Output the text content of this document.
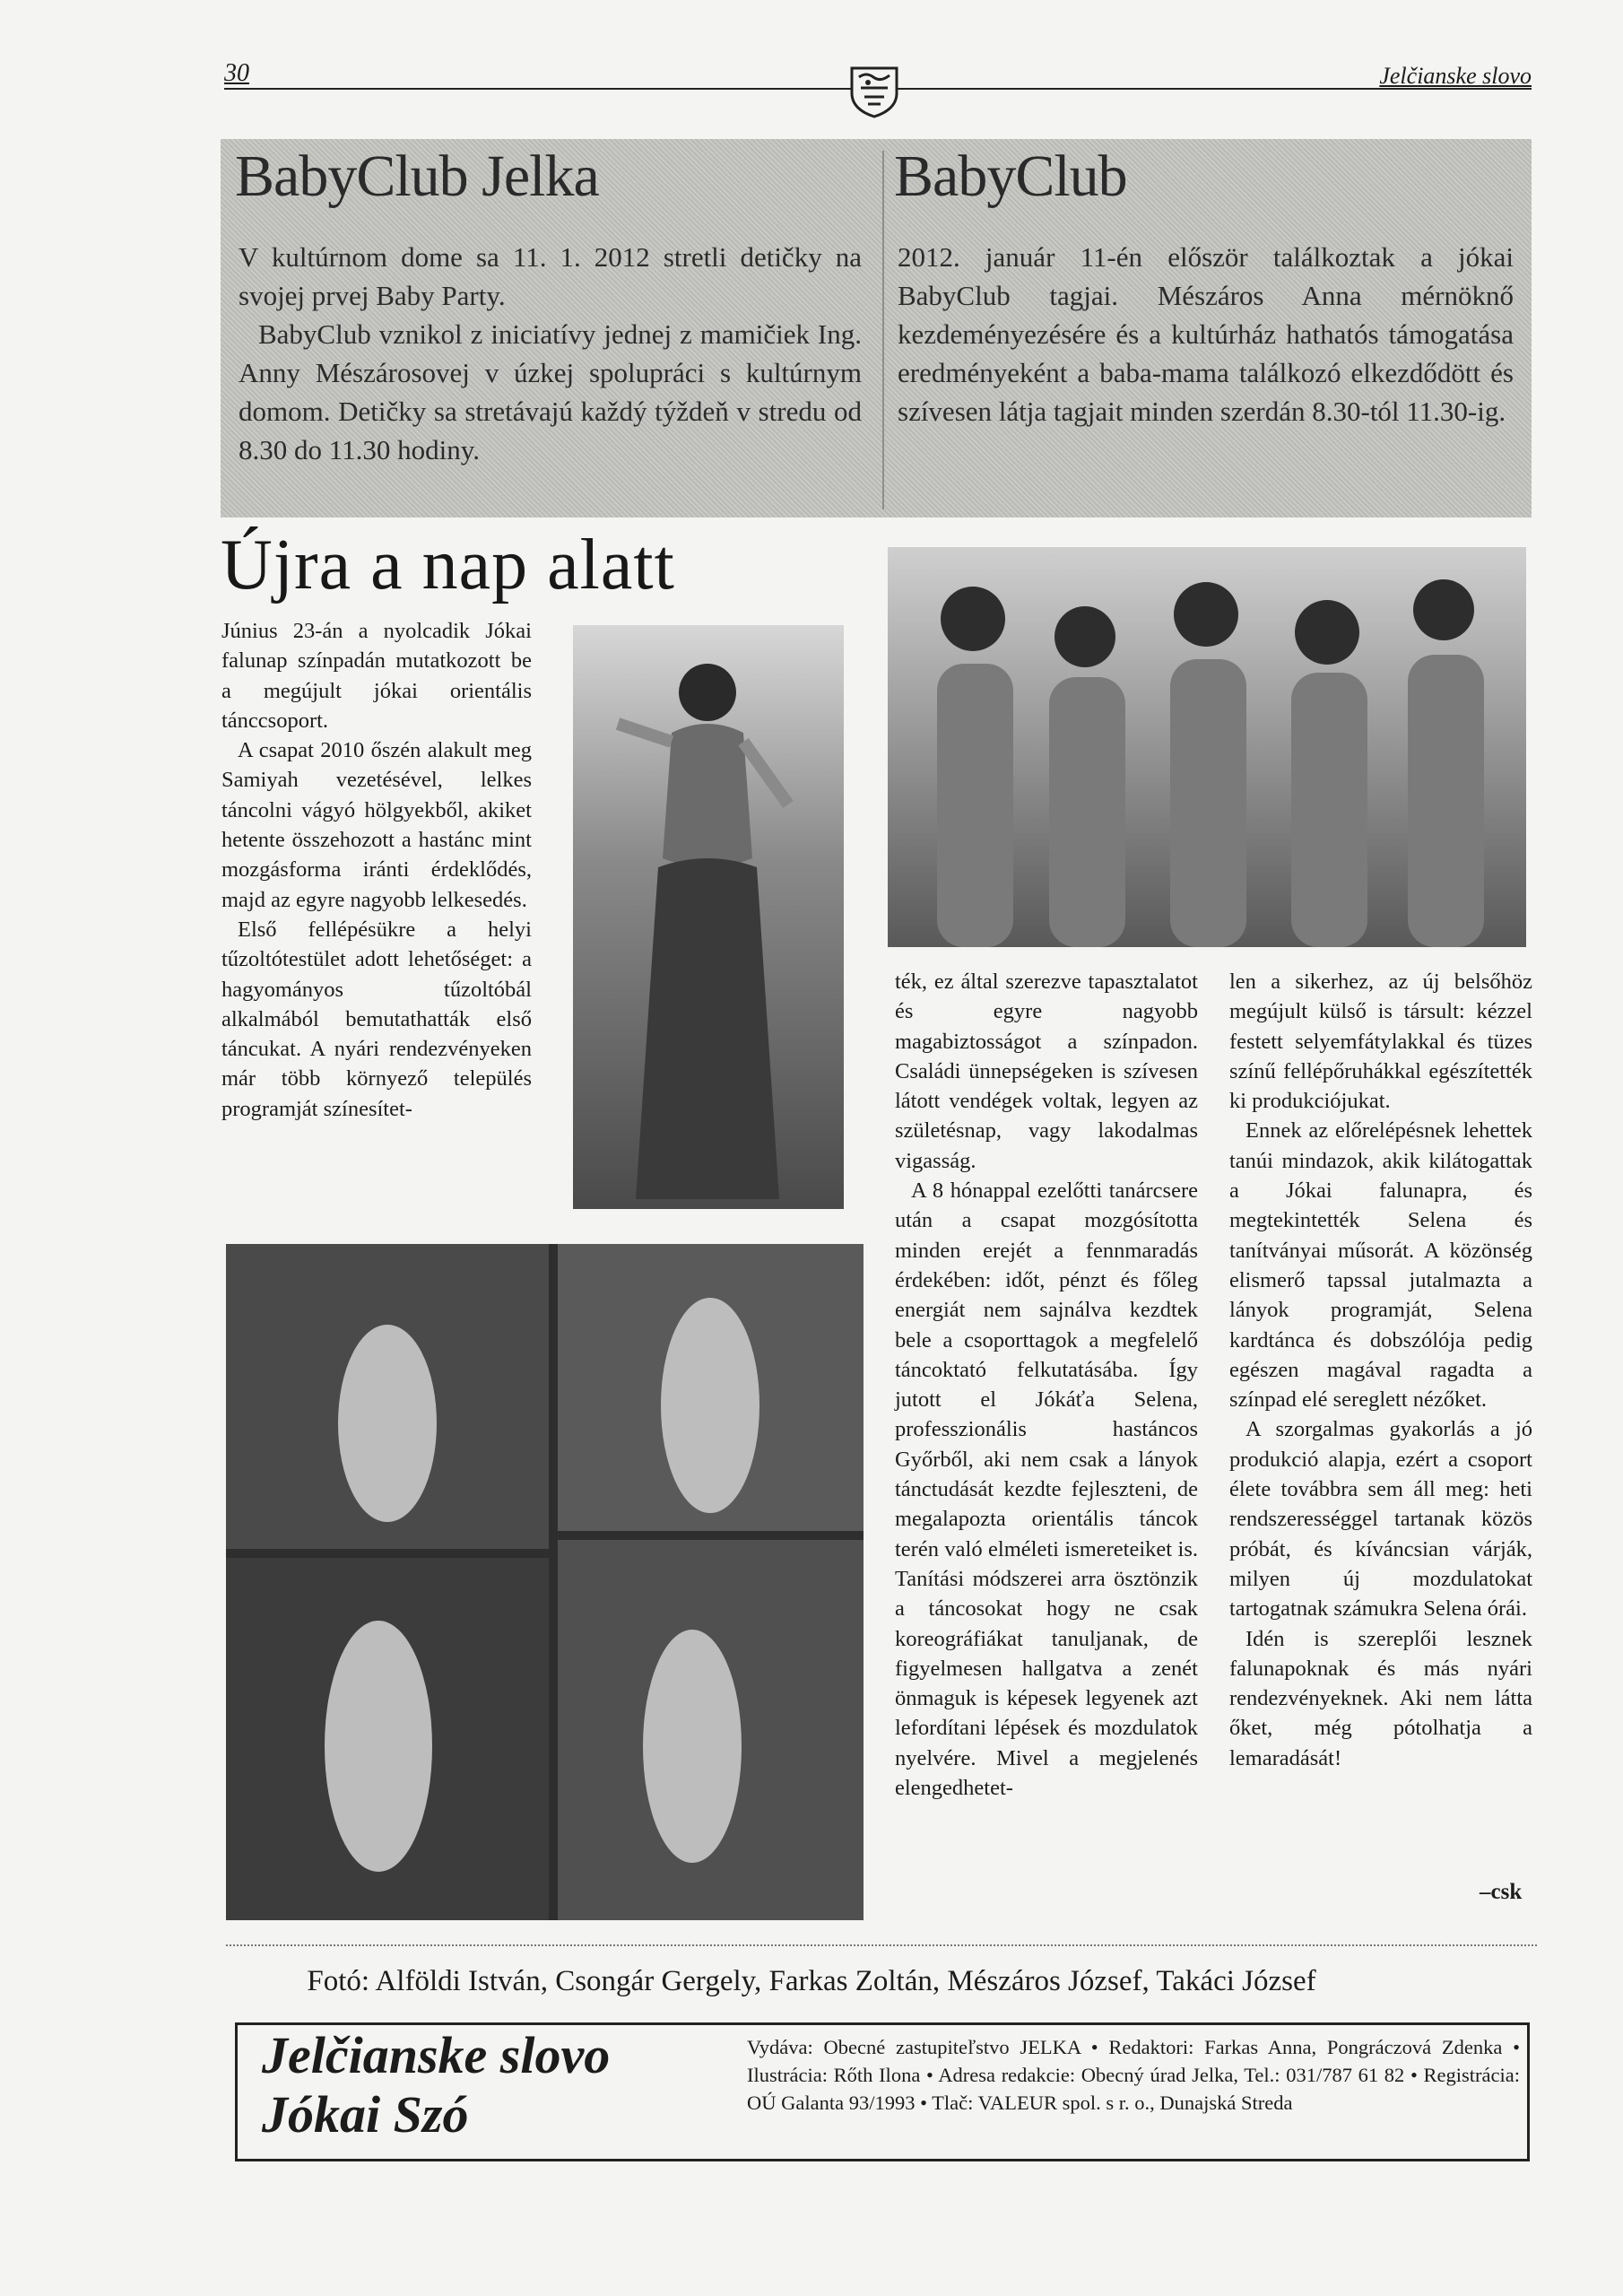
30	Jelčianske slovo
BabyClub Jelka

V kultúrnom dome sa 11. 1. 2012 stretli detičky na svojej prvej Baby Party.

BabyClub vznikol z iniciatívy jednej z mamičiek Ing. Anny Mészárosovej v úzkej spolupráci s kultúrnym domom. Detičky sa stretávajú každý týždeň v stredu od 8.30 do 11.30 hodiny.

BabyClub

2012. január 11-én először találkoztak a jókai BabyClub tagjai. Mészáros Anna mérnöknő kezdeményezésére és a kultúrház hathatós támogatása eredményeként a baba-mama találkozó elkezdődött és szívesen látja tagjait minden szerdán 8.30-tól 11.30-ig.

Újra a nap alatt

Június 23-án a nyolcadik Jókai falunap színpadán mutatkozott be a megújult jókai orientális tánccsoport.

A csapat 2010 őszén alakult meg Samiyah vezetésével, lelkes táncolni vágyó hölgyekből, akiket hetente összehozott a hastánc mint mozgásforma iránti érdeklődés, majd az egyre nagyobb lelkesedés.

Első fellépésükre a helyi tűzoltótestület adott lehetőséget: a hagyományos tűzoltóbál alkalmából bemutathatták első táncukat. A nyári rendezvényeken már több környező település programját színesítet-

ték, ez által szerezve tapasztalatot és egyre nagyobb magabiztosságot a színpadon. Családi ünnepségeken is szívesen látott vendégek voltak, legyen az születésnap, vagy lakodalmas vigasság.

A 8 hónappal ezelőtti tanárcsere után a csapat mozgósította minden erejét a fennmaradás érdekében: időt, pénzt és főleg energiát nem sajnálva kezdtek bele a csoporttagok a megfelelő táncoktató felkutatásába. Így jutott el Jókáťa Selena, professzionális hastáncos Győrből, aki nem csak a lányok tánctudását kezdte fejleszteni, de megalapozta orientális táncok terén való elméleti ismereteiket is. Tanítási módszerei arra ösztönzik a táncosokat hogy ne csak koreográfiákat tanuljanak, de figyelmesen hallgatva a zenét önmaguk is képesek legyenek azt lefordítani lépések és mozdulatok nyelvére. Mivel a megjelenés elengedhetet-

len a sikerhez, az új belsőhöz megújult külső is társult: kézzel festett selyemfátylakkal és tüzes színű fellépőruhákkal egészítették ki produkciójukat.

Ennek az előrelépésnek lehettek tanúi mindazok, akik kilátogattak a Jókai falunapra, és megtekintették Selena és tanítványai műsorát. A közönség elismerő tapssal jutalmazta a lányok programját, Selena kardtánca és dobszólója pedig egészen magával ragadta a színpad elé sereglett nézőket.

A szorgalmas gyakorlás a jó produkció alapja, ezért a csoport élete továbbra sem áll meg: heti rendszerességgel tartanak közös próbát, és kíváncsian várják, milyen új mozdulatokat tartogatnak számukra Selena órái.

Idén is szereplői lesznek falunapoknak és más nyári rendezvényeknek. Aki nem látta őket, még pótolhatja a lemaradását!

–csk
Fotó: Alföldi István, Csongár Gergely, Farkas Zoltán, Mészáros József, Takáci József
Jelčianske slovo
Jókai Szó
Vydáva: Obecné zastupiteľstvo JELKA • Redaktori: Farkas Anna, Pongráczová Zdenka • Ilustrácia: Rőth Ilona • Adresa redakcie: Obecný úrad Jelka, Tel.: 031/787 61 82 • Registrácia: OÚ Galanta 93/1993 • Tlač: VALEUR spol. s r. o., Dunajská Streda
